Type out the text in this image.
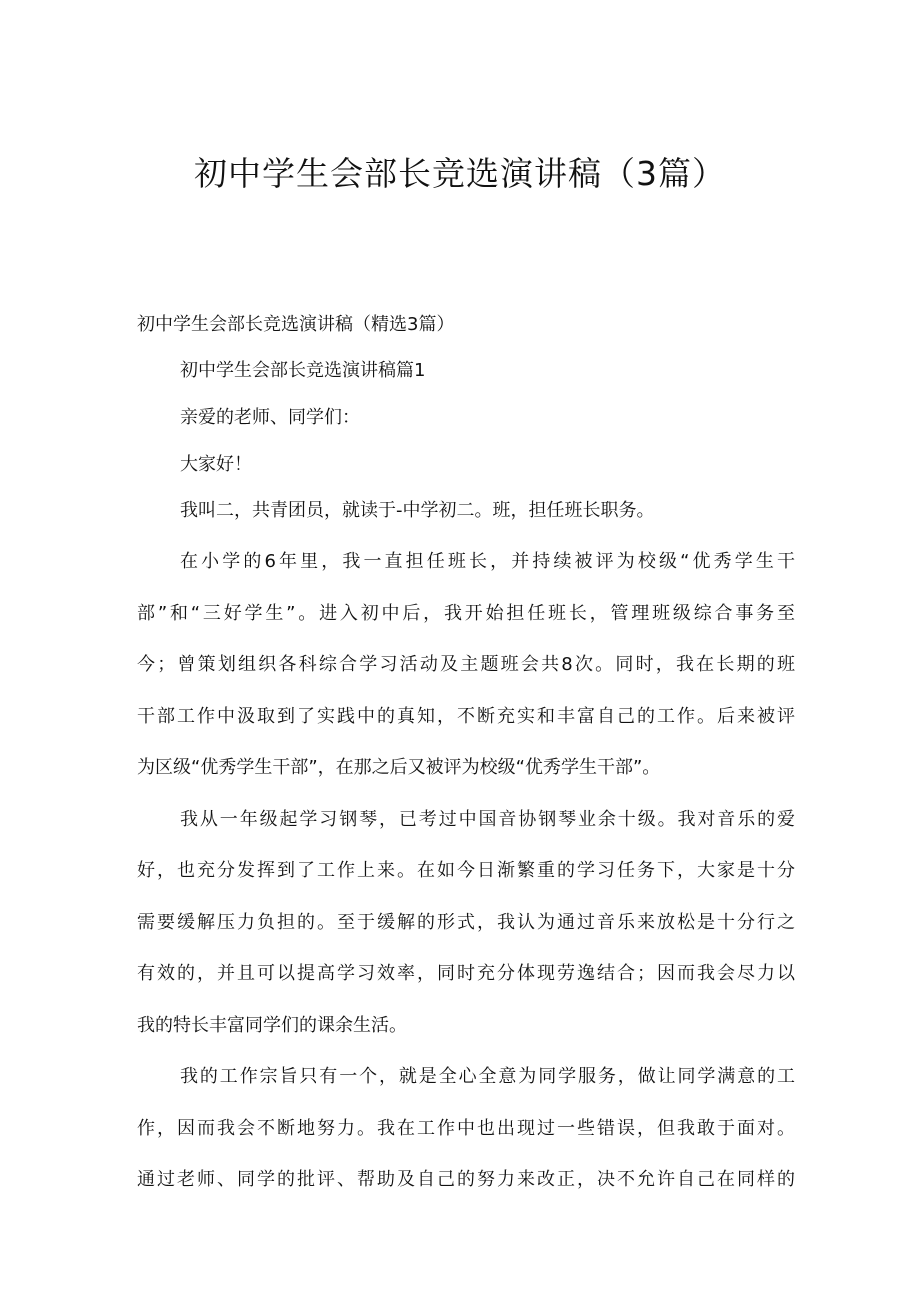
初中学生会部长竞选演讲稿（3篇）
初中学生会部长竞选演讲稿（精选3篇）
初中学生会部长竞选演讲稿篇1
亲爱的老师、同学们：
大家好！
我叫二，共青团员，就读于-中学初二。班，担任班长职务。
在小学的6年里，我一直担任班长，并持续被评为校级“优秀学生干
部”和“三好学生”。进入初中后，我开始担任班长，管理班级综合事务至
今；曾策划组织各科综合学习活动及主题班会共8次。同时，我在长期的班
干部工作中汲取到了实践中的真知，不断充实和丰富自己的工作。后来被评
为区级“优秀学生干部”，在那之后又被评为校级“优秀学生干部”。
我从一年级起学习钢琴，已考过中国音协钢琴业余十级。我对音乐的爱
好，也充分发挥到了工作上来。在如今日渐繁重的学习任务下，大家是十分
需要缓解压力负担的。至于缓解的形式，我认为通过音乐来放松是十分行之
有效的，并且可以提高学习效率，同时充分体现劳逸结合；因而我会尽力以
我的特长丰富同学们的课余生活。
我的工作宗旨只有一个，就是全心全意为同学服务，做让同学满意的工
作，因而我会不断地努力。我在工作中也出现过一些错误，但我敢于面对。
通过老师、同学的批评、帮助及自己的努力来改正，决不允许自己在同样的
